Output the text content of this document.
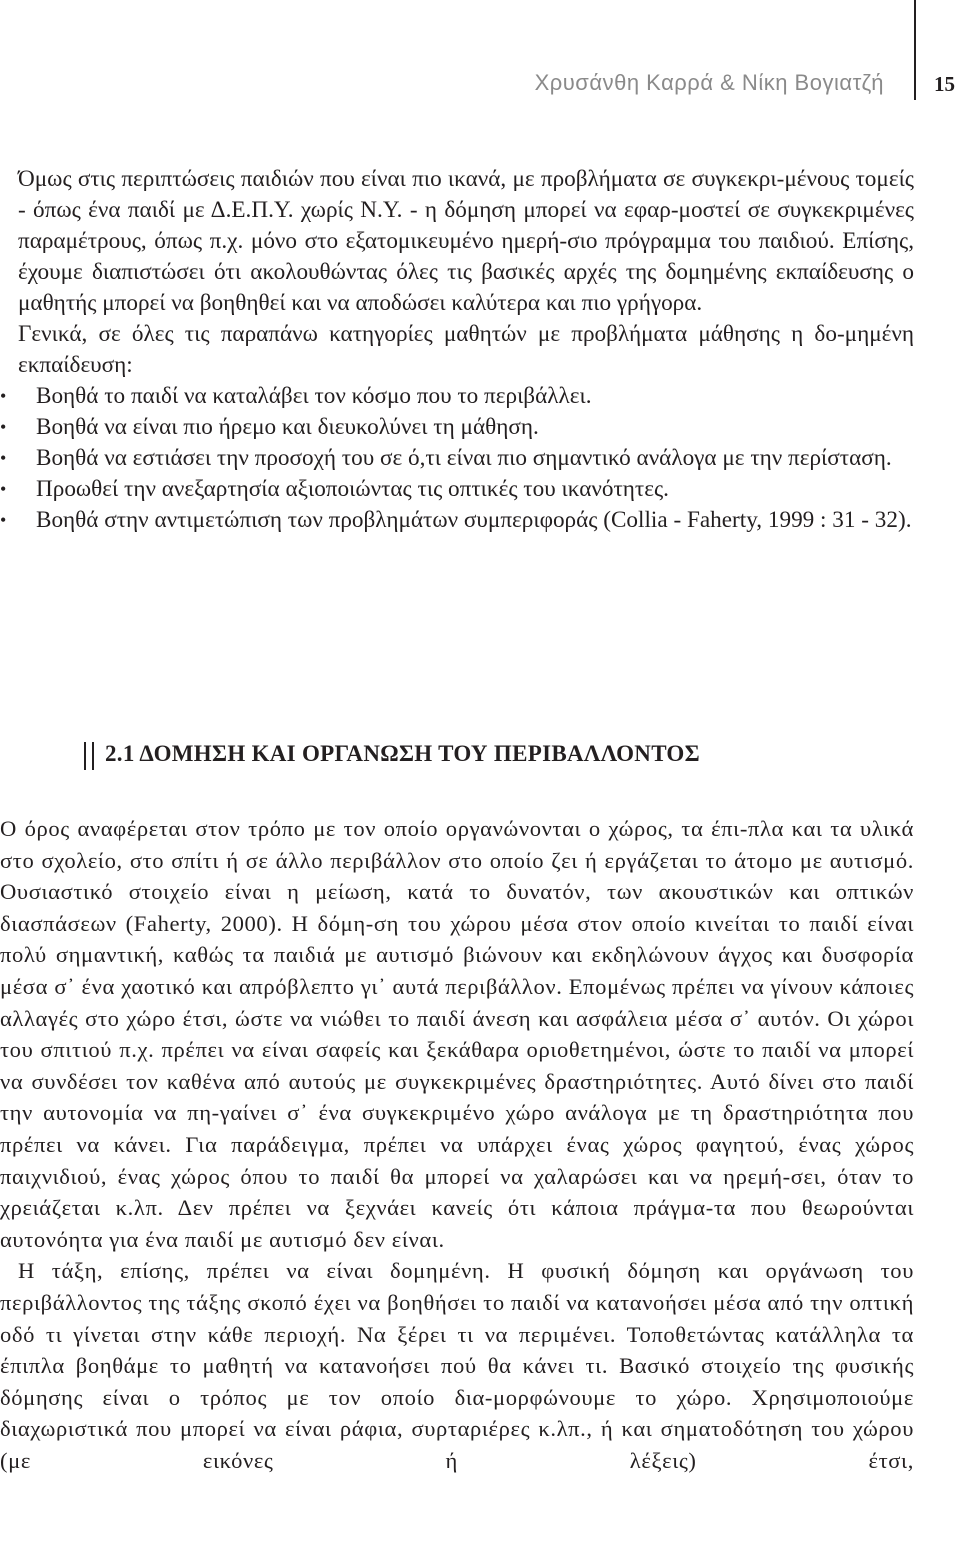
Χρυσάνθη Καρρά & Νίκη Βογιατζή 15

Όμως στις περιπτώσεις παιδιών που είναι πιο ικανά, με προβλήματα σε συγκεκρι-μένους τομείς - όπως ένα παιδί με Δ.Ε.Π.Υ. χωρίς Ν.Υ. - η δόμηση μπορεί να εφαρ-μοστεί σε συγκεκριμένες παραμέτρους, όπως π.χ. μόνο στο εξατομικευμένο ημερή-σιο πρόγραμμα του παιδιού. Επίσης, έχουμε διαπιστώσει ότι ακολουθώντας όλες τις βασικές αρχές της δομημένης εκπαίδευσης ο μαθητής μπορεί να βοηθηθεί και να αποδώσει καλύτερα και πιο γρήγορα.

Γενικά, σε όλες τις παραπάνω κατηγορίες μαθητών με προβλήματα μάθησης η δο-μημένη εκπαίδευση:

• Βοηθά το παιδί να καταλάβει τον κόσμο που το περιβάλλει.
• Βοηθά να είναι πιο ήρεμο και διευκολύνει τη μάθηση.
• Βοηθά να εστιάσει την προσοχή του σε ό,τι είναι πιο σημαντικό ανάλογα με την περίσταση.
• Προωθεί την ανεξαρτησία αξιοποιώντας τις οπτικές του ικανότητες.
• Βοηθά στην αντιμετώπιση των προβλημάτων συμπεριφοράς (Collia - Faherty, 1999 : 31 - 32).
2.1 ΔΟΜΗΣΗ ΚΑΙ ΟΡΓΑΝΩΣΗ ΤΟΥ ΠΕΡΙΒΑΛΛΟΝΤΟΣ

Ο όρος αναφέρεται στον τρόπο με τον οποίο οργανώνονται ο χώρος, τα έπι-πλα και τα υλικά στο σχολείο, στο σπίτι ή σε άλλο περιβάλλον στο οποίο ζει ή εργάζεται το άτομο με αυτισμό. Ουσιαστικό στοιχείο είναι η μείωση, κατά το δυνατόν, των ακουστικών και οπτικών διασπάσεων (Faherty, 2000). Η δόμη-ση του χώρου μέσα στον οποίο κινείται το παιδί είναι πολύ σημαντική, καθώς τα παιδιά με αυτισμό βιώνουν και εκδηλώνουν άγχος και δυσφορία μέσα σ᾽ ένα χαοτικό και απρόβλεπτο γι᾽ αυτά περιβάλλον. Επομένως πρέπει να γίνουν κάποιες αλλαγές στο χώρο έτσι, ώστε να νιώθει το παιδί άνεση και ασφάλεια μέσα σ᾽ αυτόν. Οι χώροι του σπιτιού π.χ. πρέπει να είναι σαφείς και ξεκάθαρα οριοθετημένοι, ώστε το παιδί να μπορεί να συνδέσει τον καθένα από αυτούς με συγκεκριμένες δραστηριότητες. Αυτό δίνει στο παιδί την αυτονομία να πη-γαίνει σ᾽ ένα συγκεκριμένο χώρο ανάλογα με τη δραστηριότητα που πρέπει να κάνει. Για παράδειγμα, πρέπει να υπάρχει ένας χώρος φαγητού, ένας χώρος παιχνιδιού, ένας χώρος όπου το παιδί θα μπορεί να χαλαρώσει και να ηρεμή-σει, όταν το χρειάζεται κ.λπ. Δεν πρέπει να ξεχνάει κανείς ότι κάποια πράγμα-τα που θεωρούνται αυτονόητα για ένα παιδί με αυτισμό δεν είναι.

Η τάξη, επίσης, πρέπει να είναι δομημένη. Η φυσική δόμηση και οργάνωση του περιβάλλοντος της τάξης σκοπό έχει να βοηθήσει το παιδί να κατανοήσει μέσα από την οπτική οδό τι γίνεται στην κάθε περιοχή. Να ξέρει τι να περιμένει. Τοποθετώντας κατάλληλα τα έπιπλα βοηθάμε το μαθητή να κατανοήσει πού θα κάνει τι. Βασικό στοιχείο της φυσικής δόμησης είναι ο τρόπος με τον οποίο δια-μορφώνουμε το χώρο. Χρησιμοποιούμε διαχωριστικά που μπορεί να είναι ράφια, συρταριέρες κ.λπ., ή και σηματοδότηση του χώρου (με εικόνες ή λέξεις) έτσι,
